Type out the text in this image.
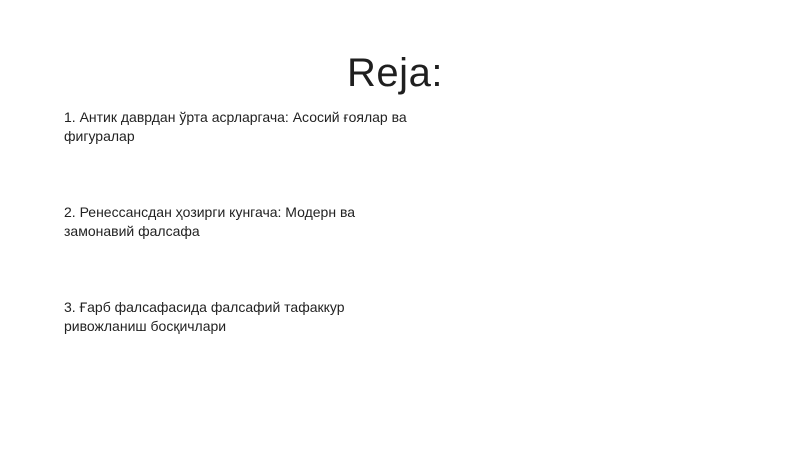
Reja:
1. Антик даврдан ўрта асрларгача: Асосий ғоялар ва фигуралар
2. Ренессансдан ҳозирги кунгача: Модерн ва замонавий фалсафа
3. Ғарб фалсафасида фалсафий тафаккур ривожланиш босқичлари
